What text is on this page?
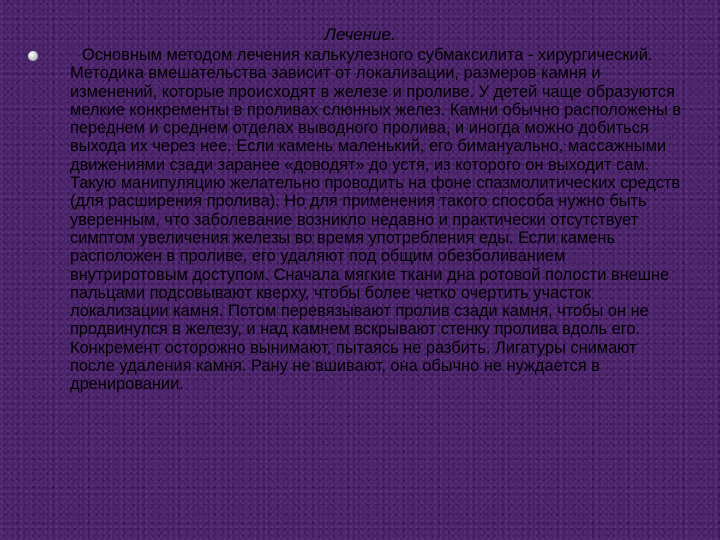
Лечение.

Основным методом лечения калькулезного субмаксилита - хирургический. Методика вмешательства зависит от локализации, размеров камня и изменений, которые происходят в железе и проливе. У детей чаще образуются мелкие конкременты в проливах слюнных желез. Камни обычно расположены в переднем и среднем отделах выводного пролива, и иногда можно добиться выхода их через нее. Если камень маленький, его бимануально, массажными движениями сзади заранее «доводят» до устя, из которого он выходит сам. Такую манипуляцию желательно проводить на фоне спазмолитических средств (для расширения пролива). Но для применения такого способа нужно быть уверенным, что заболевание возникло недавно и практически отсутствует симптом увеличения железы во время употребления еды. Если камень расположен в проливе, его удаляют под общим обезболиванием внутриротовым доступом. Сначала мягкие ткани дна ротовой полости внешне пальцами подсовывают кверху, чтобы более четко очертить участок локализации камня. Потом перевязывают пролив сзади камня, чтобы он не продвинулся в железу, и над камнем вскрывают стенку пролива вдоль его. Конкремент осторожно вынимают, пытаясь не разбить. Лигатуры снимают после удаления камня. Рану не вшивают, она обычно не нуждается в дренировании.
